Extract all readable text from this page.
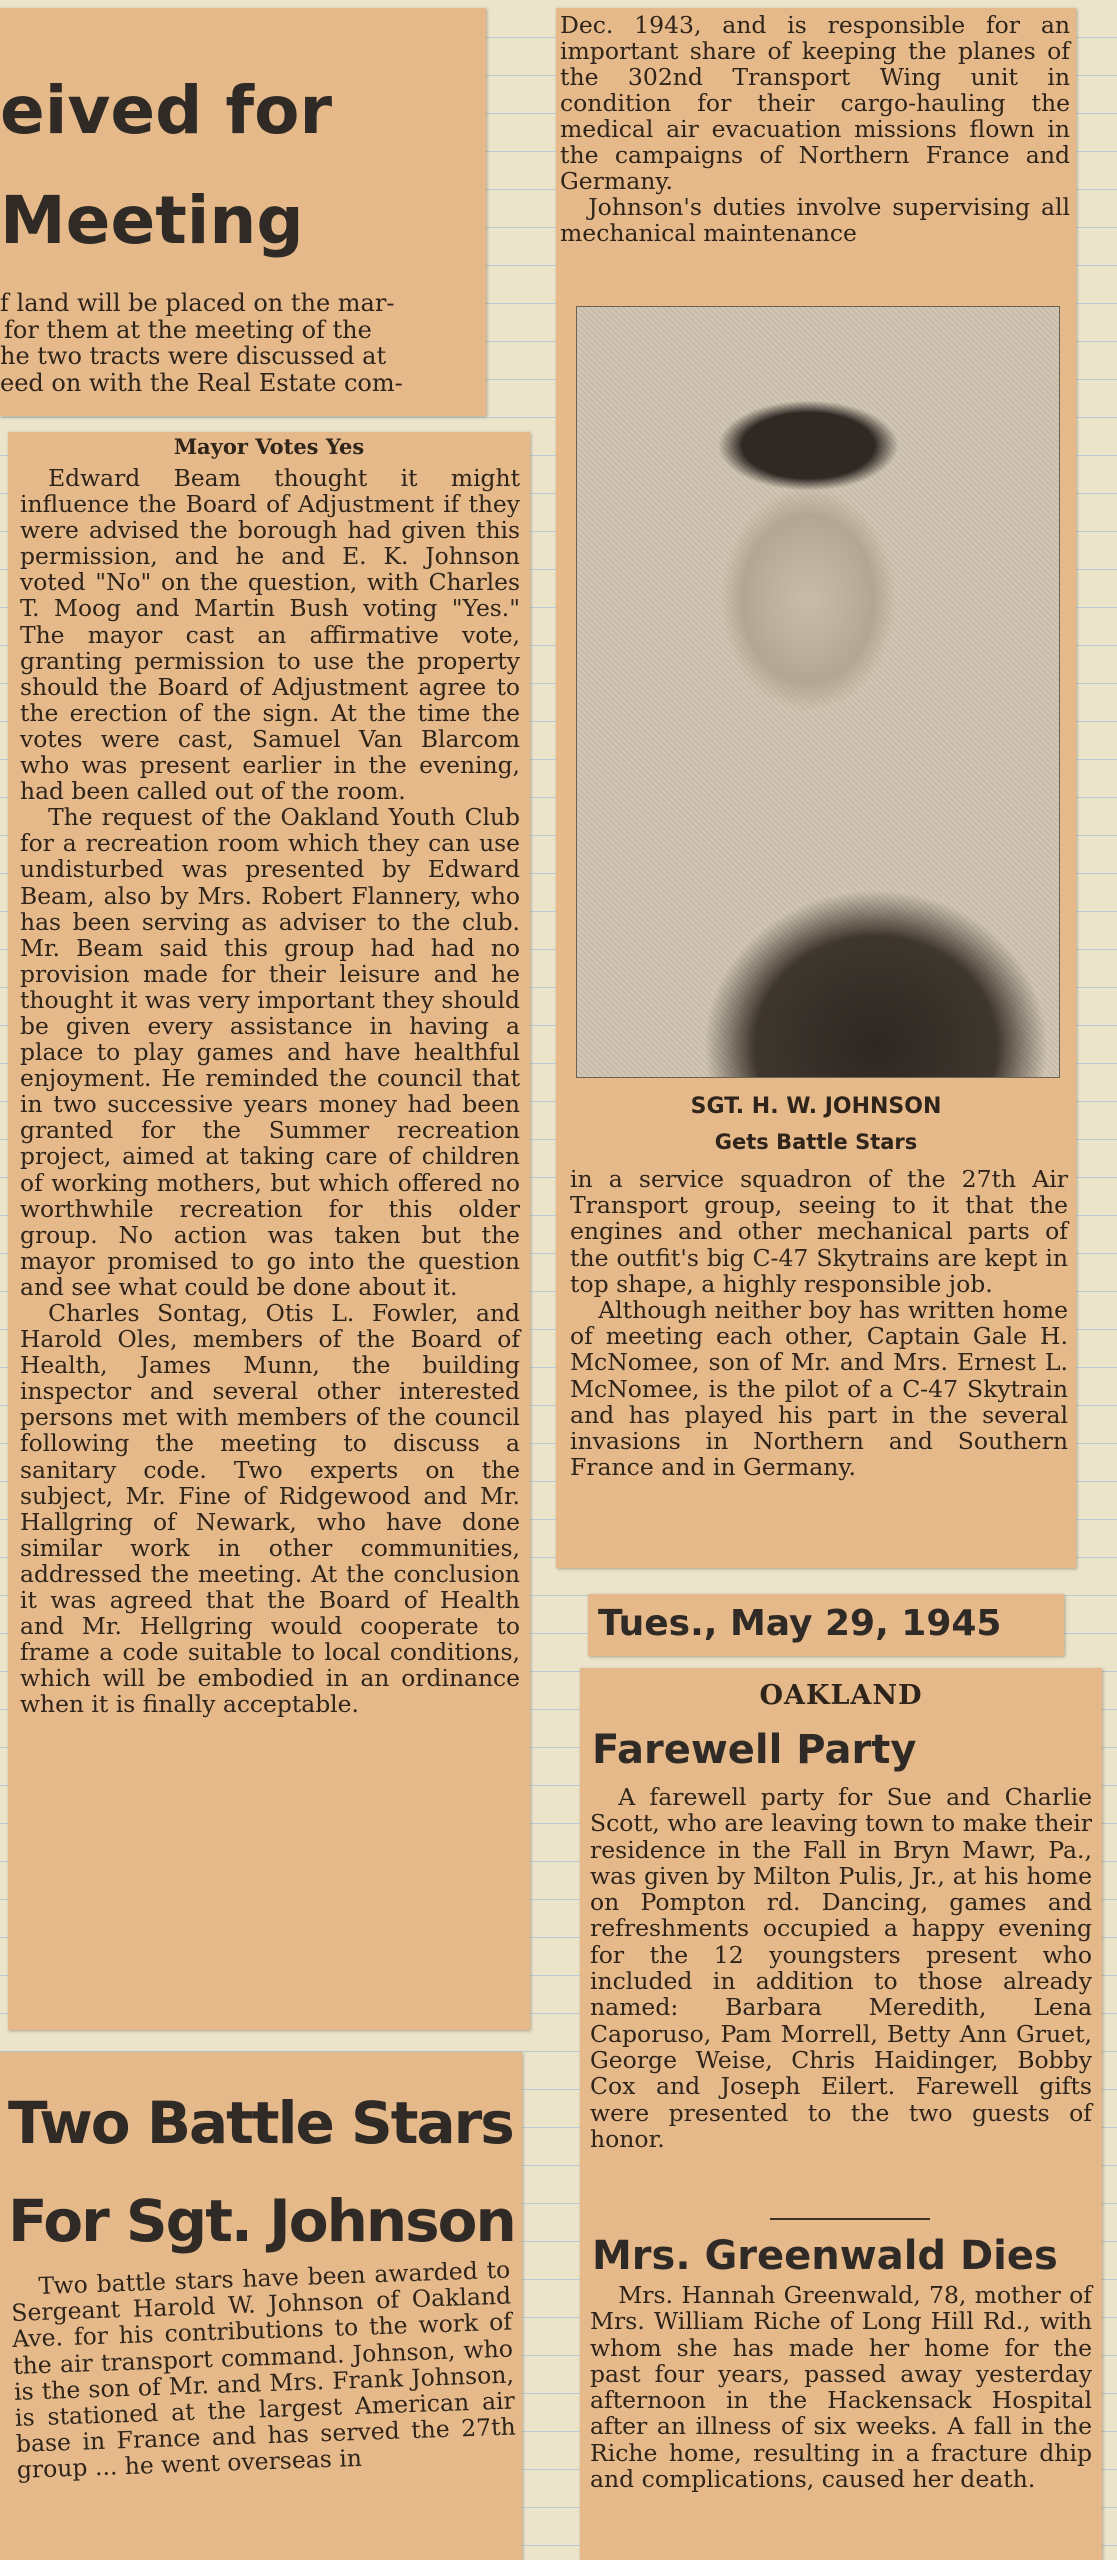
eived for
Meeting
f land will be placed on the mar-
for them at the meeting of the
he two tracts were discussed at
eed on with the Real Estate com-
Mayor Votes Yes

Edward Beam thought it might influence the Board of Adjustment if they were advised the borough had given this permission, and he and E. K. Johnson voted "No" on the question, with Charles T. Moog and Martin Bush voting "Yes." The mayor cast an affirmative vote, granting permission to use the property should the Board of Adjustment agree to the erection of the sign. At the time the votes were cast, Samuel Van Blarcom who was present earlier in the evening, had been called out of the room.

The request of the Oakland Youth Club for a recreation room which they can use undisturbed was presented by Edward Beam, also by Mrs. Robert Flannery, who has been serving as adviser to the club. Mr. Beam said this group had had no provision made for their leisure and he thought it was very important they should be given every assistance in having a place to play games and have healthful enjoyment. He reminded the council that in two successive years money had been granted for the Summer recreation project, aimed at taking care of children of working mothers, but which offered no worthwhile recreation for this older group. No action was taken but the mayor promised to go into the question and see what could be done about it.

Charles Sontag, Otis L. Fowler, and Harold Oles, members of the Board of Health, James Munn, the building inspector and several other interested persons met with members of the council following the meeting to discuss a sanitary code. Two experts on the subject, Mr. Fine of Ridgewood and Mr. Hallgring of Newark, who have done similar work in other communities, addressed the meeting. At the conclusion it was agreed that the Board of Health and Mr. Hellgring would cooperate to frame a code suitable to local conditions, which will be embodied in an ordinance when it is finally acceptable.

Two Battle Stars
For Sgt. Johnson

Two battle stars have been awarded to Sergeant Harold W. Johnson of Oakland Ave. for his contributions to the work of the air transport command. Johnson, who is the son of Mr. and Mrs. Frank Johnson, is stationed at the largest American air base in France and has served the 27th group ... he went overseas in

Dec. 1943, and is responsible for an important share of keeping the planes of the 302nd Transport Wing unit in condition for their cargo-hauling the medical air evacuation missions flown in the campaigns of Northern France and Germany.

Johnson's duties involve supervising all mechanical maintenance

SGT. H. W. JOHNSON
Gets Battle Stars

in a service squadron of the 27th Air Transport group, seeing to it that the engines and other mechanical parts of the outfit's big C-47 Skytrains are kept in top shape, a highly responsible job.

Although neither boy has written home of meeting each other, Captain Gale H. McNomee, son of Mr. and Mrs. Ernest L. McNomee, is the pilot of a C-47 Skytrain and has played his part in the several invasions in Northern and Southern France and in Germany.

Tues., May 29, 1945
OAKLAND
Farewell Party

A farewell party for Sue and Charlie Scott, who are leaving town to make their residence in the Fall in Bryn Mawr, Pa., was given by Milton Pulis, Jr., at his home on Pompton rd. Dancing, games and refreshments occupied a happy evening for the 12 youngsters present who included in addition to those already named: Barbara Meredith, Lena Caporuso, Pam Morrell, Betty Ann Gruet, George Weise, Chris Haidinger, Bobby Cox and Joseph Eilert. Farewell gifts were presented to the two guests of honor.

Mrs. Greenwald Dies

Mrs. Hannah Greenwald, 78, mother of Mrs. William Riche of Long Hill Rd., with whom she has made her home for the past four years, passed away yesterday afternoon in the Hackensack Hospital after an illness of six weeks. A fall in the Riche home, resulting in a fracture dhip and complications, caused her death.
